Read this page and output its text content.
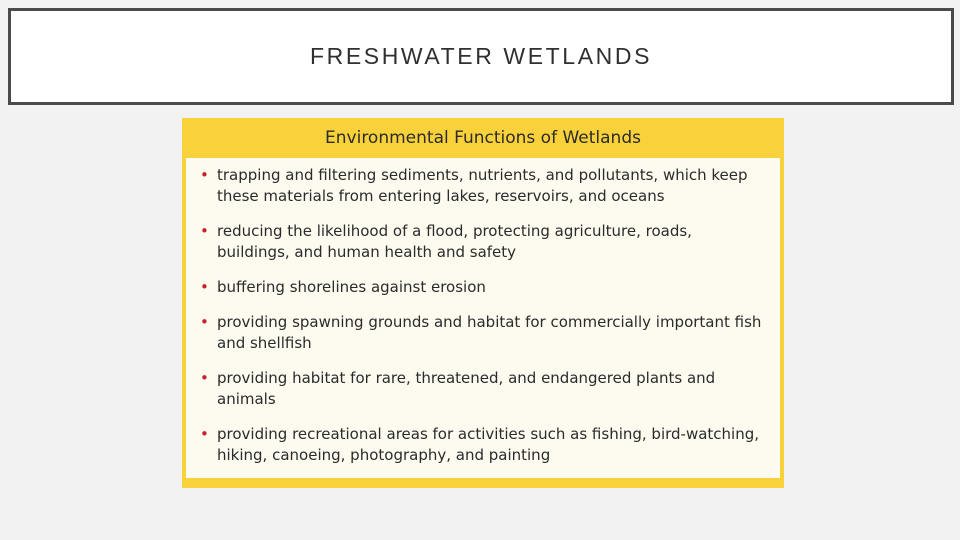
FRESHWATER WETLANDS
Environmental Functions of Wetlands
• trapping and filtering sediments, nutrients, and pollutants, which keep these materials from entering lakes, reservoirs, and oceans
• reducing the likelihood of a flood, protecting agriculture, roads, buildings, and human health and safety
• buffering shorelines against erosion
• providing spawning grounds and habitat for commercially important fish and shellfish
• providing habitat for rare, threatened, and endangered plants and animals
• providing recreational areas for activities such as fishing, bird-watching, hiking, canoeing, photography, and painting
